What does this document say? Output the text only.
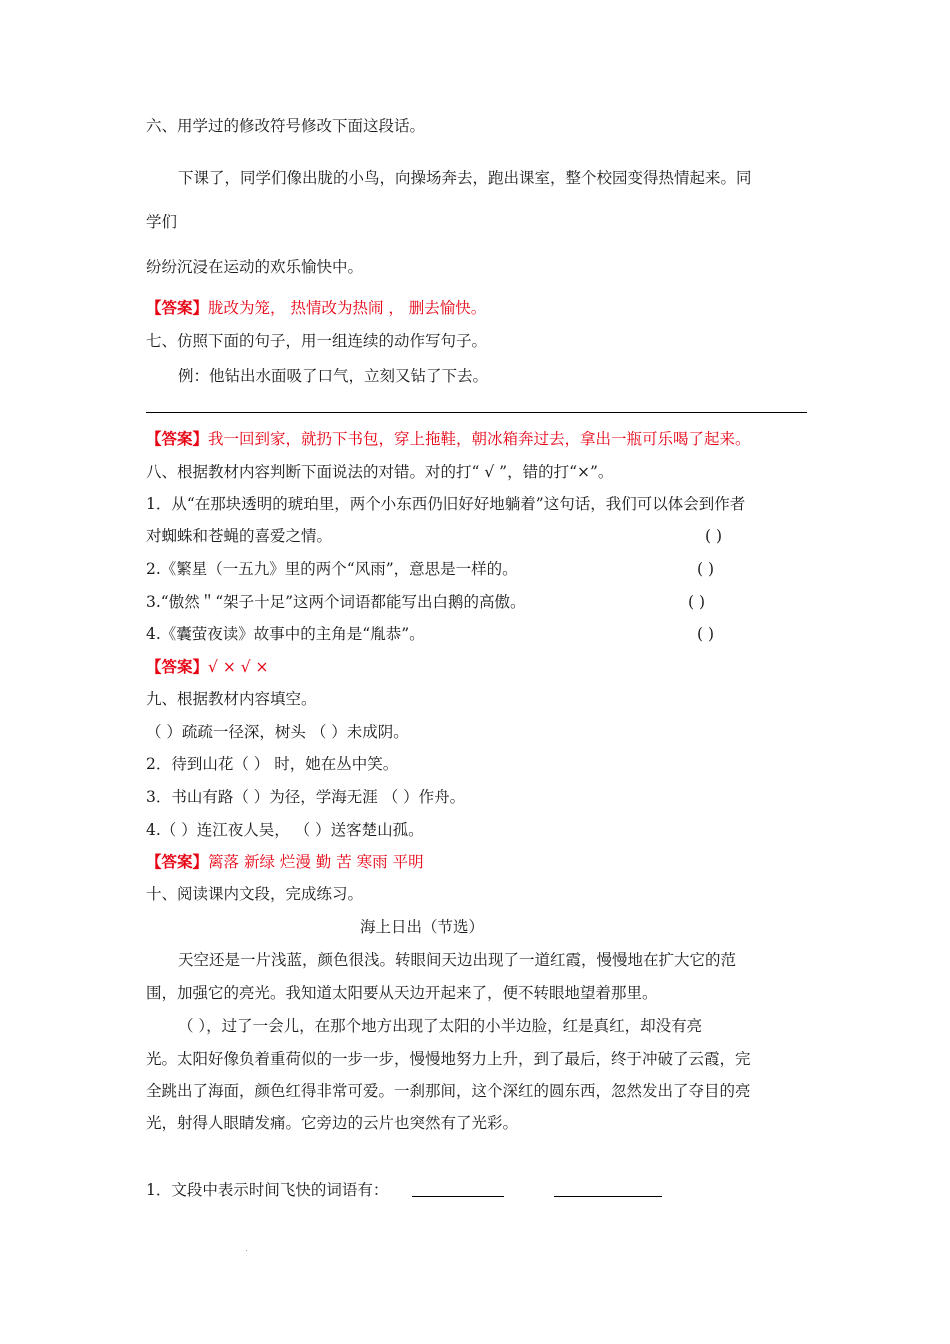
六、用学过的修改符号修改下面这段话。
下课了，同学们像出胧的小鸟，向操场奔去，跑出课室，整个校园变得热情起来。同
学们
纷纷沉浸在运动的欢乐愉快中。
【答案】胧改为笼， 热情改为热闹 ， 删去愉快。
七、仿照下面的句子，用一组连续的动作写句子。
例：他钻出水面吸了口气，立刻又钻了下去。
【答案】我一回到家，就扔下书包，穿上拖鞋，朝冰箱奔过去，拿出一瓶可乐喝了起来。
八、根据教材内容判断下面说法的对错。对的打“ √ ”，错的打“×”。
1．从“在那块透明的琥珀里，两个小东西仍旧好好地躺着”这句话，我们可以体会到作者
对蜘蛛和苍蝇的喜爱之情。	( )
2.《繁星（一五九》里的两个“风雨”，意思是一样的。	( )
3.“傲然＂“架子十足”这两个词语都能写出白鹅的高傲。	( )
4.《囊萤夜读》故事中的主角是“胤恭”。	( )
【答案】√ × √ ×
九、根据教材内容填空。
（ ）疏疏一径深，树头 （ ）未成阴。
2．待到山花（ ） 时，她在丛中笑。
3．书山有路（ ）为径，学海无涯 （ ）作舟。
4.（ ）连江夜人吴， （ ）送客楚山孤。
【答案】篱落 新绿 烂漫 勤 苦 寒雨 平明
十、阅读课内文段，完成练习。
海上日出（节选）
天空还是一片浅蓝，颜色很浅。转眼间天边出现了一道红霞，慢慢地在扩大它的范
围，加强它的亮光。我知道太阳要从天边开起来了，便不转眼地望着那里。
（ ），过了一会儿，在那个地方出现了太阳的小半边脸，红是真红，却没有亮
光。太阳好像负着重荷似的一步一步，慢慢地努力上升，到了最后，终于冲破了云霞，完
全跳出了海面，颜色红得非常可爱。一刹那间，这个深红的圆东西，忽然发出了夺目的亮
光，射得人眼睛发痛。它旁边的云片也突然有了光彩。
1．文段中表示时间飞快的词语有：
